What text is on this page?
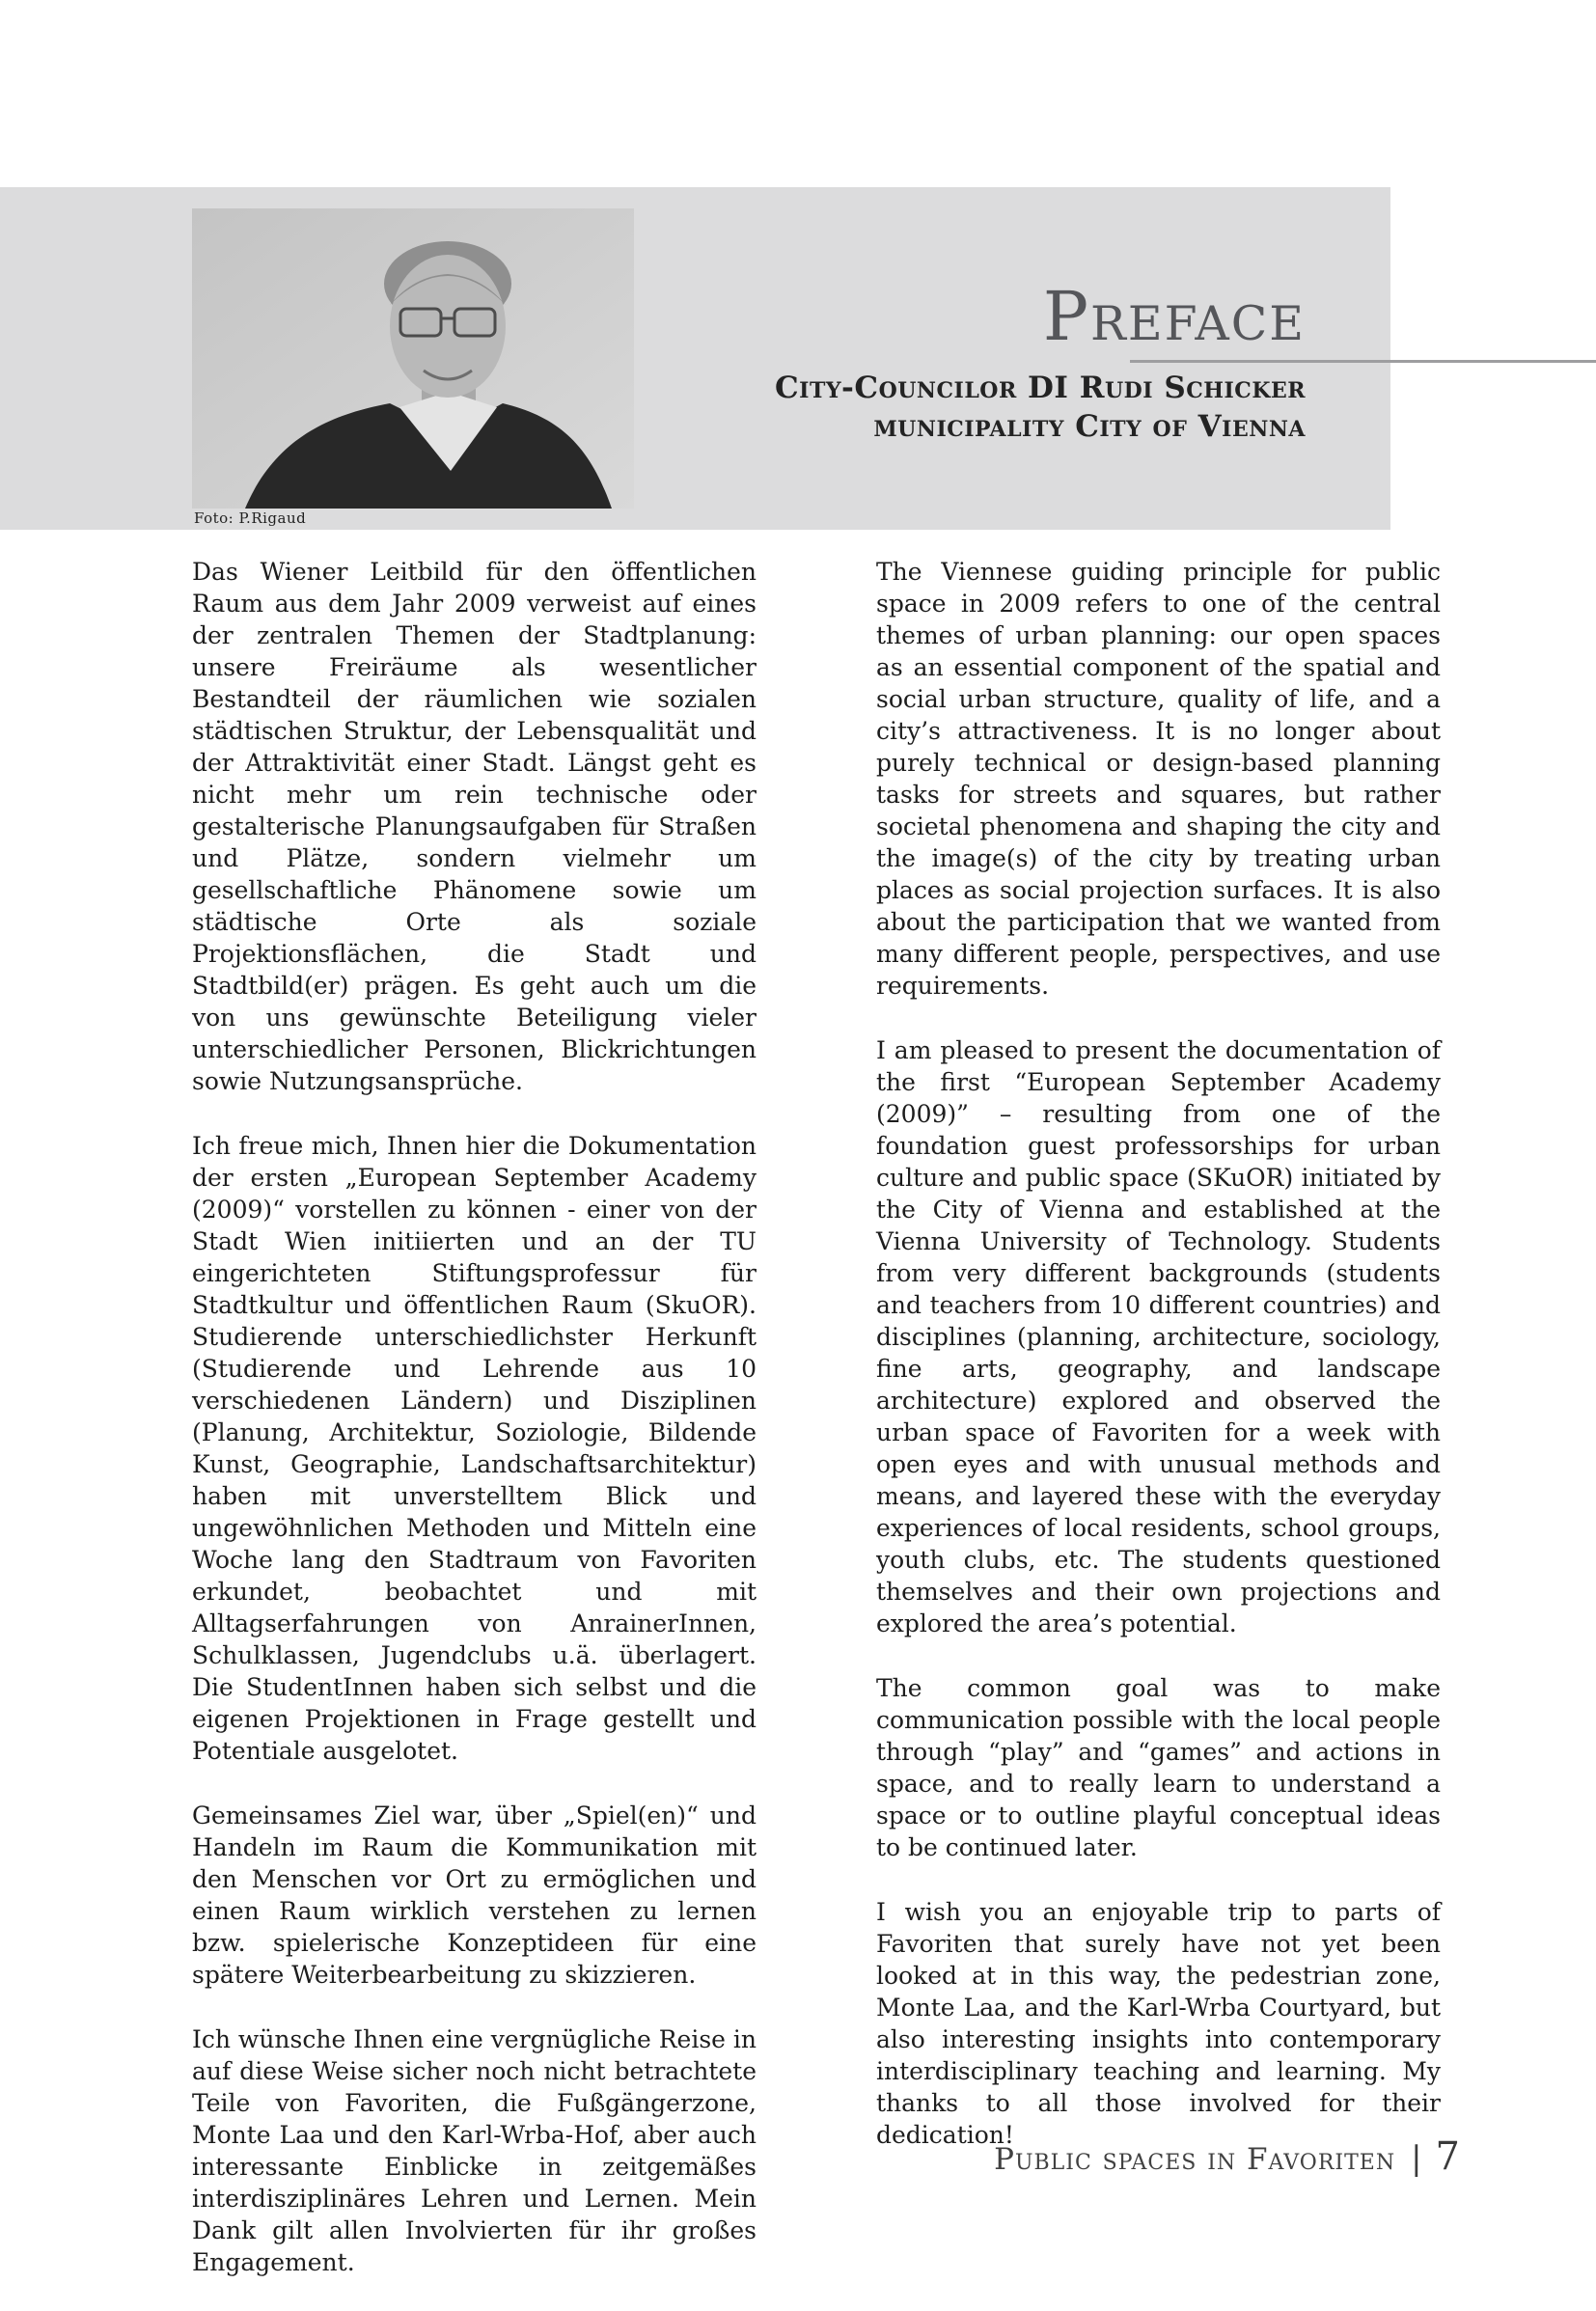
Foto: P.Rigaud
Preface
City-Councilor DI Rudi Schicker
municipality City of Vienna

Das Wiener Leitbild für den öffentlichen Raum aus dem Jahr 2009 verweist auf eines der zentralen Themen der Stadtplanung: unsere Freiräume als wesentlicher Bestandteil der räumlichen wie sozialen städtischen Struktur, der Lebensqualität und der Attraktivität einer Stadt. Längst geht es nicht mehr um rein technische oder gestalterische Planungsaufgaben für Straßen und Plätze, sondern vielmehr um gesellschaftliche Phänomene sowie um städtische Orte als soziale Projektionsflächen, die Stadt und Stadtbild(er) prägen. Es geht auch um die von uns gewünschte Beteiligung vieler unterschiedlicher Personen, Blickrichtungen sowie Nutzungsansprüche.

Ich freue mich, Ihnen hier die Dokumentation der ersten „European September Academy (2009)“ vorstellen zu können - einer von der Stadt Wien initiierten und an der TU eingerichteten Stiftungsprofessur für Stadtkultur und öffentlichen Raum (SkuOR). Studierende unterschiedlichster Herkunft (Studierende und Lehrende aus 10 verschiedenen Ländern) und Disziplinen (Planung, Architektur, Soziologie, Bildende Kunst, Geographie, Landschaftsarchitektur) haben mit unverstelltem Blick und ungewöhnlichen Methoden und Mitteln eine Woche lang den Stadtraum von Favoriten erkundet, beobachtet und mit Alltagserfahrungen von AnrainerInnen, Schulklassen, Jugendclubs u.ä. überlagert. Die StudentInnen haben sich selbst und die eigenen Projektionen in Frage gestellt und Potentiale ausgelotet.

Gemeinsames Ziel war, über „Spiel(en)“ und Handeln im Raum die Kommunikation mit den Menschen vor Ort zu ermöglichen und einen Raum wirklich verstehen zu lernen bzw. spielerische Konzeptideen für eine spätere Weiterbearbeitung zu skizzieren.

Ich wünsche Ihnen eine vergnügliche Reise in auf diese Weise sicher noch nicht betrachtete Teile von Favoriten, die Fußgängerzone, Monte Laa und den Karl-Wrba-Hof, aber auch interessante Einblicke in zeitgemäßes interdisziplinäres Lehren und Lernen. Mein Dank gilt allen Involvierten für ihr großes Engagement.

The Viennese guiding principle for public space in 2009 refers to one of the central themes of urban planning: our open spaces as an essential component of the spatial and social urban structure, quality of life, and a city’s attractiveness. It is no longer about purely technical or design-based planning tasks for streets and squares, but rather societal phenomena and shaping the city and the image(s) of the city by treating urban places as social projection surfaces. It is also about the participation that we wanted from many different people, perspectives, and use requirements.

I am pleased to present the documentation of the first “European September Academy (2009)” – resulting from one of the foundation guest professorships for urban culture and public space (SKuOR) initiated by the City of Vienna and established at the Vienna University of Technology. Students from very different backgrounds (students and teachers from 10 different countries) and disciplines (planning, architecture, sociology, fine arts, geography, and landscape architecture) explored and observed the urban space of Favoriten for a week with open eyes and with unusual methods and means, and layered these with the everyday experiences of local residents, school groups, youth clubs, etc. The students questioned themselves and their own projections and explored the area’s potential.

The common goal was to make communication possible with the local people through “play” and “games” and actions in space, and to really learn to understand a space or to outline playful conceptual ideas to be continued later.

I wish you an enjoyable trip to parts of Favoriten that surely have not yet been looked at in this way, the pedestrian zone, Monte Laa, and the Karl-Wrba Courtyard, but also interesting insights into contemporary interdisciplinary teaching and learning. My thanks to all those involved for their dedication!

Public spaces in Favoriten | 7
